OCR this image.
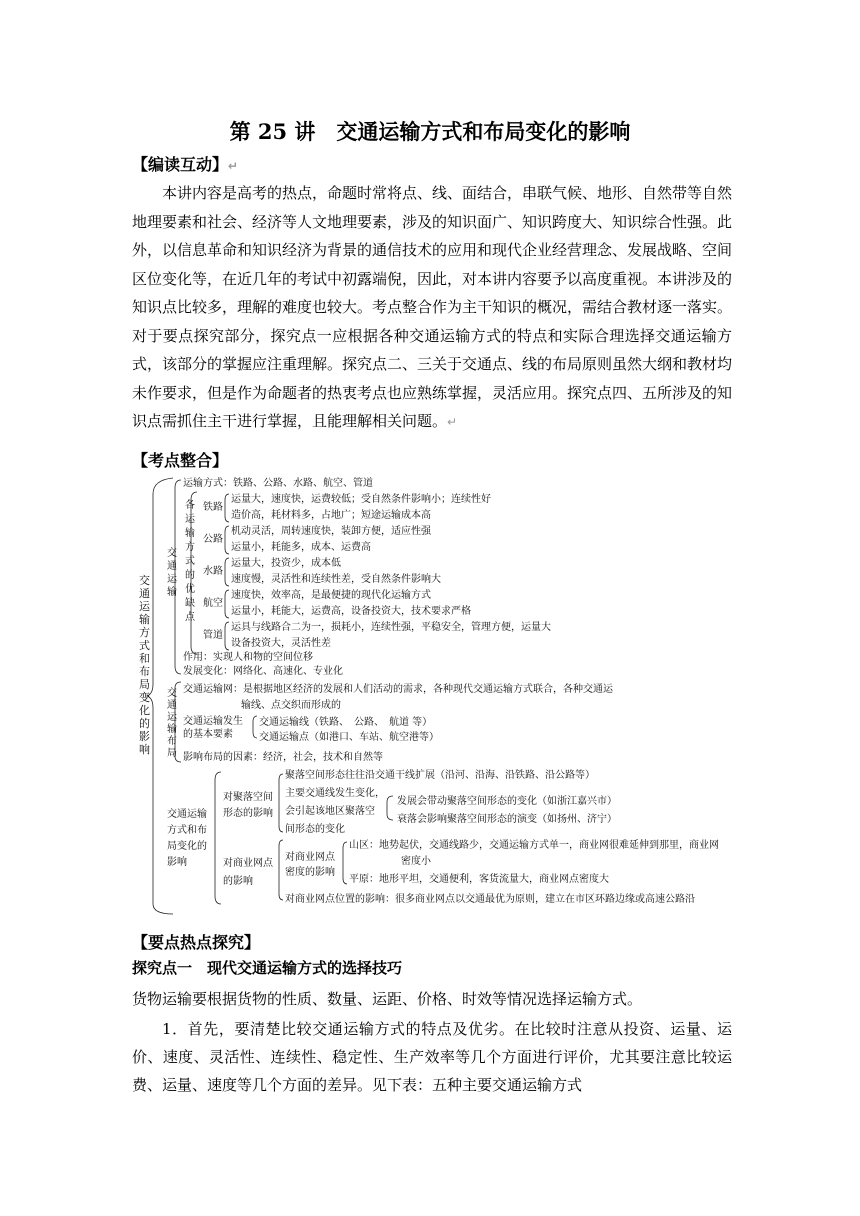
第 25 讲　交通运输方式和布局变化的影响
【编读互动】↵
本讲内容是高考的热点，命题时常将点、线、面结合，串联气候、地形、自然带等自然地理要素和社会、经济等人文地理要素，涉及的知识面广、知识跨度大、知识综合性强。此外，以信息革命和知识经济为背景的通信技术的应用和现代企业经营理念、发展战略、空间区位变化等，在近几年的考试中初露端倪，因此，对本讲内容要予以高度重视。本讲涉及的知识点比较多，理解的难度也较大。考点整合作为主干知识的概况，需结合教材逐一落实。对于要点探究部分，探究点一应根据各种交通运输方式的特点和实际合理选择交通运输方式，该部分的掌握应注重理解。探究点二、三关于交通点、线的布局原则虽然大纲和教材均未作要求，但是作为命题者的热衷考点也应熟练掌握，灵活应用。探究点四、五所涉及的知识点需抓住主干进行掌握，且能理解相关问题。↵
【考点整合】
交通运输方式和布局变化的影响
交通运输
运输方式：铁路、公路、水路、航空、管道
各运输方式的优缺点
铁路
运量大，速度快，运费较低；受自然条件影响小；连续性好
造价高，耗材料多，占地广；短途运输成本高
公路
机动灵活，周转速度快，装卸方便，适应性强
运量小，耗能多，成本、运费高
水路
运量大，投资少，成本低
速度慢，灵活性和连续性差，受自然条件影响大
航空
速度快，效率高，是最便捷的现代化运输方式
运量小，耗能大，运费高，设备投资大，技术要求严格
管道
运具与线路合二为一，损耗小，连续性强，平稳安全，管理方便，运量大
设备投资大，灵活性差
作用：实现人和物的空间位移
发展变化：网络化、高速化、专业化
交通运输布局
交通运输网：是根据地区经济的发展和人们活动的需求，各种现代交通运输方式联合，各种交通运
输线、点交织而形成的
交通运输发生
的基本要素
交通运输线（铁路、　公路、　航道 等）
交通运输点（如港口、车站、航空港等）
影响布局的因素：经济，社会，技术和自然等
交通运输方式和布局变化的影响
对聚落空间
形态的影响
聚落空间形态往往沿交通干线扩展（沿河、沿海、沿铁路、沿公路等）
主要交通线发生变化，
会引起该地区聚落空
间形态的变化
发展会带动聚落空间形态的变化（如浙江嘉兴市）
衰落会影响聚落空间形态的演变（如扬州、济宁）
对商业网点
的影响
对商业网点
密度的影响
山区：地势起伏，交通线路少，交通运输方式单一，商业网很难延伸到那里，商业网
密度小
平原：地形平坦，交通便利，客货流量大，商业网点密度大
对商业网点位置的影响：很多商业网点以交通最优为原则，建立在市区环路边缘或高速公路沿
【要点热点探究】
探究点一　现代交通运输方式的选择技巧
货物运输要根据货物的性质、数量、运距、价格、时效等情况选择运输方式。
1．首先，要清楚比较交通运输方式的特点及优劣。在比较时注意从投资、运量、运价、速度、灵活性、连续性、稳定性、生产效率等几个方面进行评价，尤其要注意比较运费、运量、速度等几个方面的差异。见下表：五种主要交通运输方式
